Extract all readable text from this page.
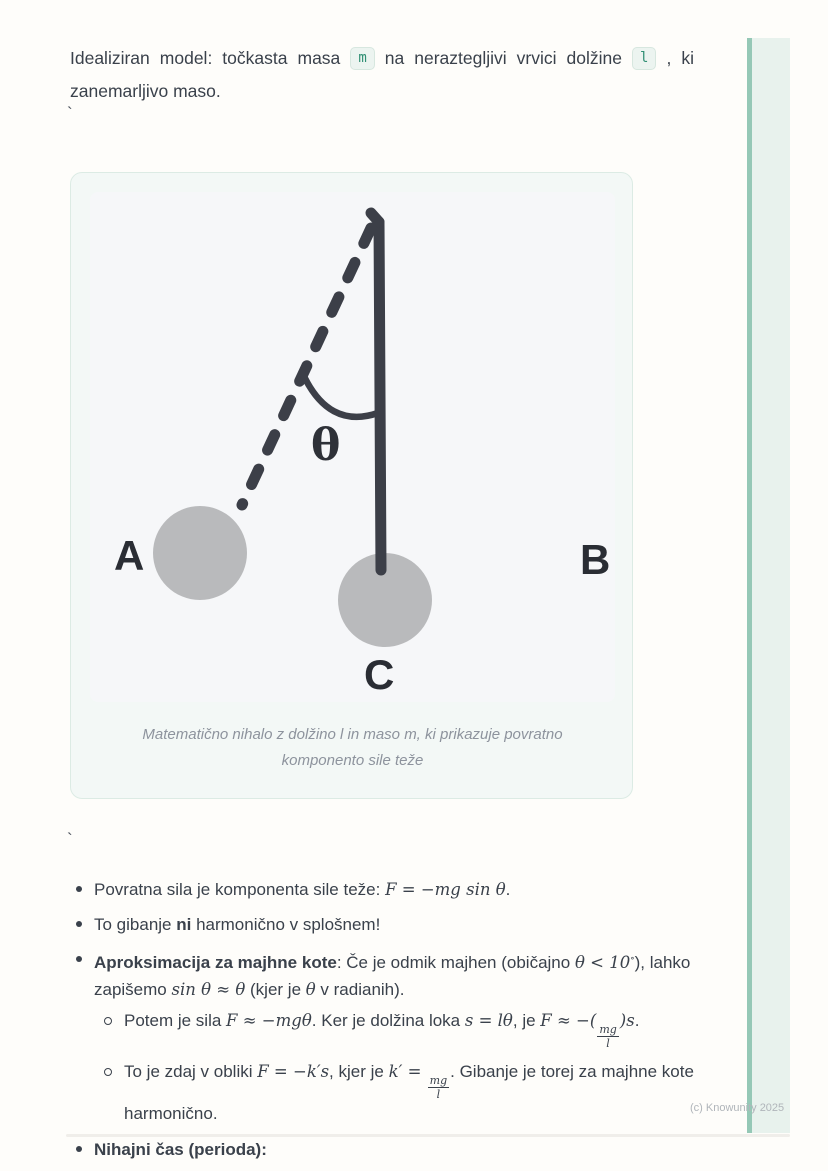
Idealiziran model: točkasta masa m na neraztegljivi vrvici dolžine l , ki zanemarljivo maso.
`
θ
A	B
C
Matematično nihalo z dolžino l in maso m, ki prikazuje povratno komponento sile teže
`
Povratna sila je komponenta sile teže: F = −mg sin θ.
To gibanje ni harmonično v splošnem!
Aproksimacija za majhne kote: Če je odmik majhen (običajno θ < 10∘), lahko zapišemo sin θ ≈ θ (kjer je θ v radianih).
Potem je sila F ≈ −mgθ. Ker je dolžina loka s = lθ, je F ≈ −(
$\frac{mg}{l}$
)s.
To je zdaj v obliki F = −k′s, kjer je k′ =
$\frac{mg}{l}$
. Gibanje je torej za majhne kote harmonično.
Nihajni čas (perioda):
(c) Knowunity 2025
